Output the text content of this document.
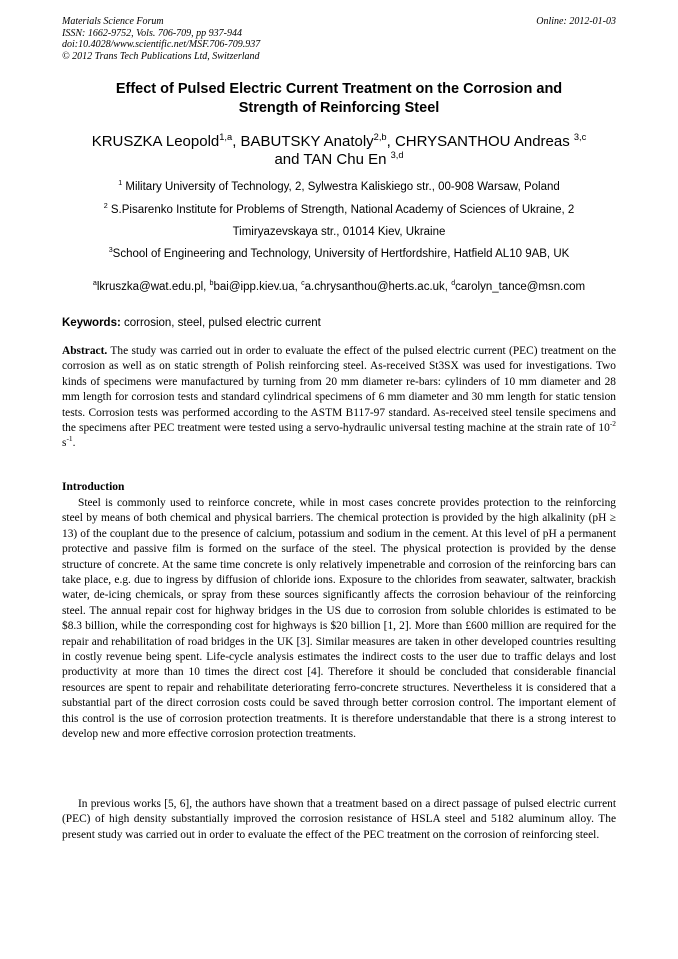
Materials Science Forum
ISSN: 1662-9752, Vols. 706-709, pp 937-944
doi:10.4028/www.scientific.net/MSF.706-709.937
© 2012 Trans Tech Publications Ltd, Switzerland
Online: 2012-01-03
Effect of Pulsed Electric Current Treatment on the Corrosion and
Strength of Reinforcing Steel
KRUSZKA Leopold$^{1,a}$, BABUTSKY Anatoly$^{2,b}$, CHRYSANTHOU Andreas $^{3,c}$
and TAN Chu En $^{3,d}$
$^1$ Military University of Technology, 2, Sylwestra Kaliskiego str., 00-908 Warsaw, Poland
$^2$ S.Pisarenko Institute for Problems of Strength, National Academy of Sciences of Ukraine, 2
Timiryazevskaya str., 01014 Kiev, Ukraine
$^3$School of Engineering and Technology, University of Hertfordshire, Hatfield AL10 9AB, UK
$^a$lkruszka@wat.edu.pl, $^b$bai@ipp.kiev.ua, $^c$a.chrysanthou@herts.ac.uk, $^d$carolyn_tance@msn.com
Keywords: corrosion, steel, pulsed electric current
Abstract. The study was carried out in order to evaluate the effect of the pulsed electric current (PEC) treatment on the corrosion as well as on static strength of Polish reinforcing steel. As-received St3SX was used for investigations. Two kinds of specimens were manufactured by turning from 20 mm diameter re-bars: cylinders of 10 mm diameter and 28 mm length for corrosion tests and standard cylindrical specimens of 6 mm diameter and 30 mm length for static tension tests. Corrosion tests was performed according to the ASTM B117-97 standard. As-received steel tensile specimens and the specimens after PEC treatment were tested using a servo-hydraulic universal testing machine at the strain rate of $10^{-2}$ $s^{-1}$.
Introduction
Steel is commonly used to reinforce concrete, while in most cases concrete provides protection to the reinforcing steel by means of both chemical and physical barriers. The chemical protection is provided by the high alkalinity (pH ≥ 13) of the couplant due to the presence of calcium, potassium and sodium in the cement. At this level of pH a permanent protective and passive film is formed on the surface of the steel. The physical protection is provided by the dense structure of concrete. At the same time concrete is only relatively impenetrable and corrosion of the reinforcing bars can take place, e.g. due to ingress by diffusion of chloride ions. Exposure to the chlorides from seawater, saltwater, brackish water, de-icing chemicals, or spray from these sources significantly affects the corrosion behaviour of the reinforcing steel. The annual repair cost for highway bridges in the US due to corrosion from soluble chlorides is estimated to be $8.3 billion, while the corresponding cost for highways is $20 billion [1, 2]. More than £600 million are required for the repair and rehabilitation of road bridges in the UK [3]. Similar measures are taken in other developed countries resulting in costly revenue being spent. Life-cycle analysis estimates the indirect costs to the user due to traffic delays and lost productivity at more than 10 times the direct cost [4]. Therefore it should be concluded that considerable financial resources are spent to repair and rehabilitate deteriorating ferro-concrete structures. Nevertheless it is considered that a substantial part of the direct corrosion costs could be saved through better corrosion control. The important element of this control is the use of corrosion protection treatments. It is therefore understandable that there is a strong interest to develop new and more effective corrosion protection treatments.
In previous works [5, 6], the authors have shown that a treatment based on a direct passage of pulsed electric current (PEC) of high density substantially improved the corrosion resistance of HSLA steel and 5182 aluminum alloy. The present study was carried out in order to evaluate the effect of the PEC treatment on the corrosion of reinforcing steel.
